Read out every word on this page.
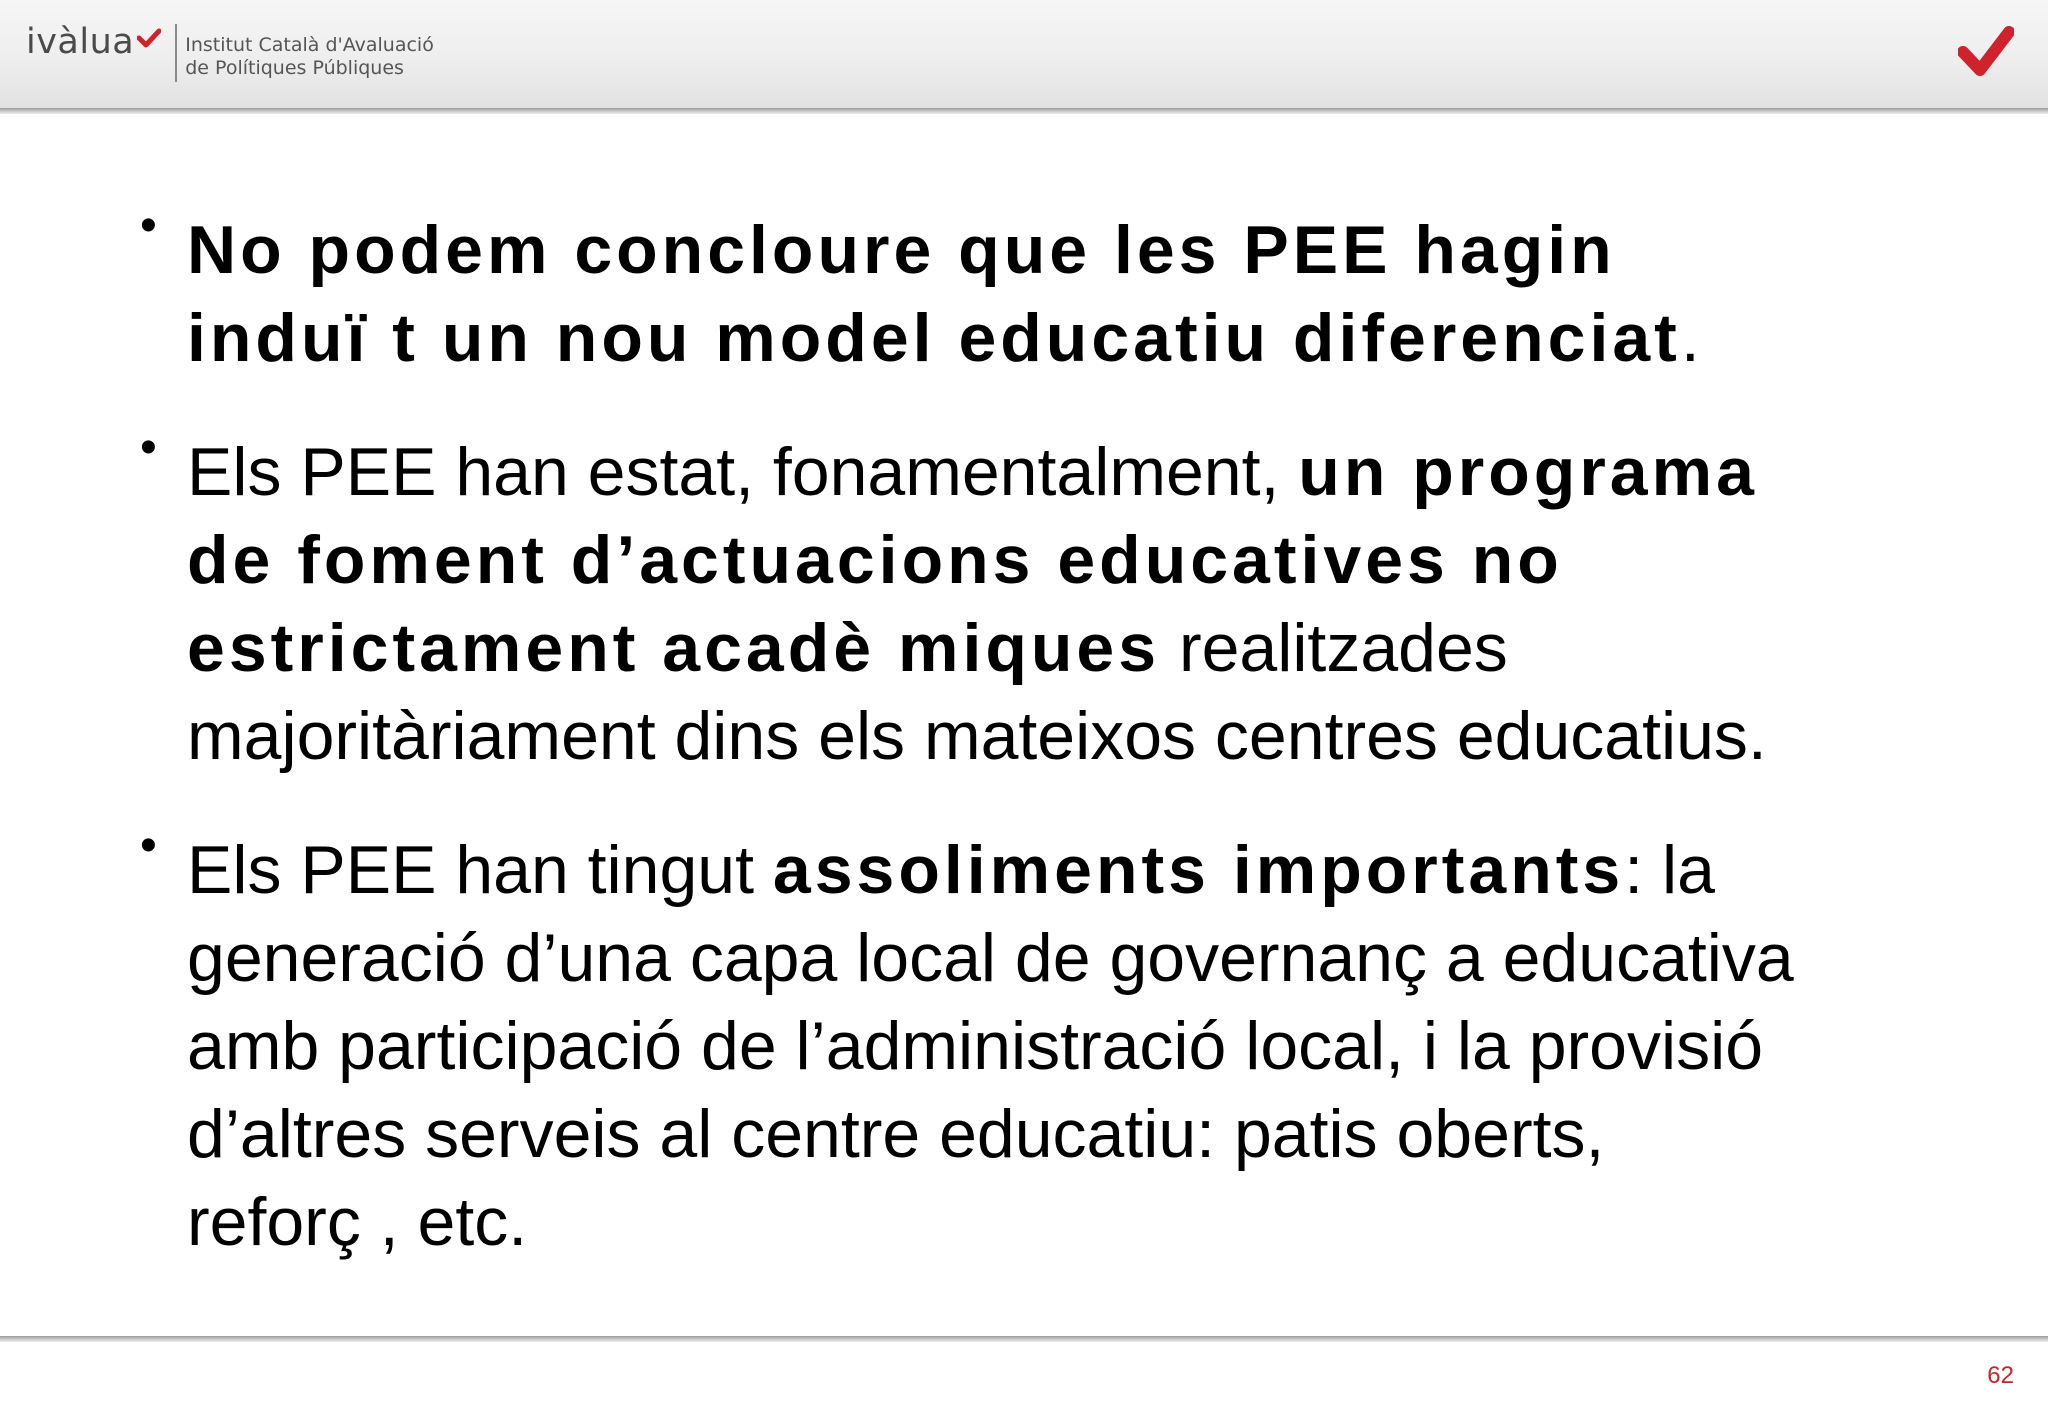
ivàlua	Institut Català d'Avaluació
de Polítiques Públiques
• No podem concloure que les PEE hagin
induï t un nou model educatiu diferenciat.
• Els PEE han estat, fonamentalment, un programa
de foment d’actuacions educatives no
estrictament acadè miques realitzades
majoritàriament dins els mateixos centres educatius.
• Els PEE han tingut assoliments importants: la
generació d’una capa local de governanç a educativa
amb participació de l’administració local, i la provisió
d’altres serveis al centre educatiu: patis oberts,
reforç , etc.
62
